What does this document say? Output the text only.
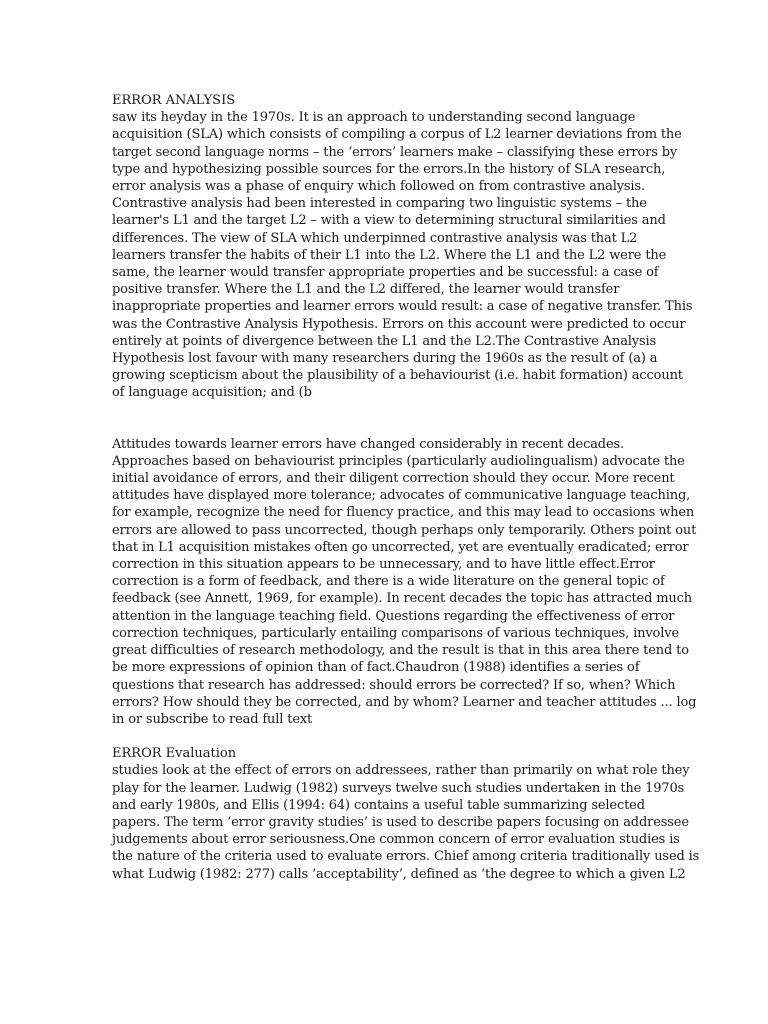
ERROR ANALYSIS
saw its heyday in the 1970s. It is an approach to understanding second language
acquisition (SLA) which consists of compiling a corpus of L2 learner deviations from the
target second language norms – the ‘errors’ learners make – classifying these errors by
type and hypothesizing possible sources for the errors.In the history of SLA research,
error analysis was a phase of enquiry which followed on from contrastive analysis.
Contrastive analysis had been interested in comparing two linguistic systems – the
learner's L1 and the target L2 – with a view to determining structural similarities and
differences. The view of SLA which underpinned contrastive analysis was that L2
learners transfer the habits of their L1 into the L2. Where the L1 and the L2 were the
same, the learner would transfer appropriate properties and be successful: a case of
positive transfer. Where the L1 and the L2 differed, the learner would transfer
inappropriate properties and learner errors would result: a case of negative transfer. This
was the Contrastive Analysis Hypothesis. Errors on this account were predicted to occur
entirely at points of divergence between the L1 and the L2.The Contrastive Analysis
Hypothesis lost favour with many researchers during the 1960s as the result of (a) a
growing scepticism about the plausibility of a behaviourist (i.e. habit formation) account
of language acquisition; and (b
Attitudes towards learner errors have changed considerably in recent decades.
Approaches based on behaviourist principles (particularly audiolingualism) advocate the
initial avoidance of errors, and their diligent correction should they occur. More recent
attitudes have displayed more tolerance; advocates of communicative language teaching,
for example, recognize the need for fluency practice, and this may lead to occasions when
errors are allowed to pass uncorrected, though perhaps only temporarily. Others point out
that in L1 acquisition mistakes often go uncorrected, yet are eventually eradicated; error
correction in this situation appears to be unnecessary, and to have little effect.Error
correction is a form of feedback, and there is a wide literature on the general topic of
feedback (see Annett, 1969, for example). In recent decades the topic has attracted much
attention in the language teaching field. Questions regarding the effectiveness of error
correction techniques, particularly entailing comparisons of various techniques, involve
great difficulties of research methodology, and the result is that in this area there tend to
be more expressions of opinion than of fact.Chaudron (1988) identifies a series of
questions that research has addressed: should errors be corrected? If so, when? Which
errors? How should they be corrected, and by whom? Learner and teacher attitudes ... log
in or subscribe to read full text
ERROR Evaluation
studies look at the effect of errors on addressees, rather than primarily on what role they
play for the learner. Ludwig (1982) surveys twelve such studies undertaken in the 1970s
and early 1980s, and Ellis (1994: 64) contains a useful table summarizing selected
papers. The term ‘error gravity studies’ is used to describe papers focusing on addressee
judgements about error seriousness.One common concern of error evaluation studies is
the nature of the criteria used to evaluate errors. Chief among criteria traditionally used is
what Ludwig (1982: 277) calls ‘acceptability’, defined as ‘the degree to which a given L2
